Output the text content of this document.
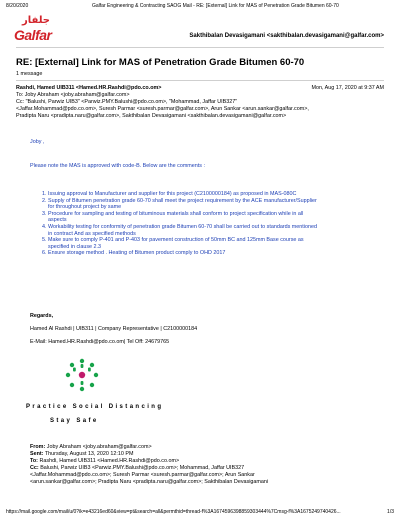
8/20/2020	Galfar Engineering & Contracting SAOG Mail - RE: [External] Link for MAS of Penetration Grade Bitumen 60-70
جلفار
Galfar	Sakthibalan Devasigamani <sakthibalan.devasigamani@galfar.com>
RE: [External] Link for MAS of Penetration Grade Bitumen 60-70
1 message
Rashdi, Hamed UIB311 <Hamed.HR.Rashdi@pdo.co.om>	Mon, Aug 17, 2020 at 9:37 AM
To: Joby Abraham <joby.abraham@galfar.com>
Cc: "Balushi, Parwiz UIB3" <Parwiz.PMY.Balushi@pdo.co.om>, "Mohammad, Jaffar UIB327"
<Jaffar.Mohammad@pdo.co.om>, Suresh Parmar <suresh.parmar@galfar.com>, Arun Sankar <arun.sankar@galfar.com>,
Pradipta Naru <pradipta.naru@galfar.com>, Sakthibalan Devasigamani <sakthibalan.devasigamani@galfar.com>
Joby ,
Please note the MAS is approved with code-B. Below are the comments :
1. Issuing approval to Manufacturer and supplier for this project (C2100000184) as proposed in MAS-080C
2. Supply of Bitumen penetration grade 60-70 shall meet the project requirement by the ACE manufacturer/Supplier
for throughout project by same
3. Procedure for sampling and testing of bituminous materials shall conform to project specification while in all
aspects
4. Workability testing for conformity of penetration grade Bitumen 60-70 shall be carried out to standards mentioned
in contract And as specified methods
5. Make sure to comply P-401 and P-403 for pavement construction of 50mm BC and 125mm Base course as
specified in clause 2.3
6. Ensure storage method . Heating of Bitumen product comply to OHD 2017
Regards,
Hamed Al Rashdi | UIB311 | Company Representative | C2100000184
E-Mail: Hamed.HR.Rashdi@pdo.co.om| Tel Off: 24679765
Practice Social Distancing
Stay Safe
From: Joby Abraham <joby.abraham@galfar.com>
Sent: Thursday, August 13, 2020 12:10 PM
To: Rashdi, Hamed UIB311 <Hamed.HR.Rashdi@pdo.co.om>
Cc: Balushi, Parwiz UIB3 <Parwiz.PMY.Balushi@pdo.co.om>; Mohammad, Jaffar UIB327
<Jaffar.Mohammad@pdo.co.om>; Suresh Parmar <suresh.parmar@galfar.com>; Arun Sankar
<arun.sankar@galfar.com>; Pradipta Naru <pradipta.naru@galfar.com>; Sakthibalan Devasigamani
https://mail.google.com/mail/u/0?ik=e43216ed60&view=pt&search=all&permthid=thread-f%3A1674596398859303444%7Cmsg-f%3A1675249740426...	1/3
